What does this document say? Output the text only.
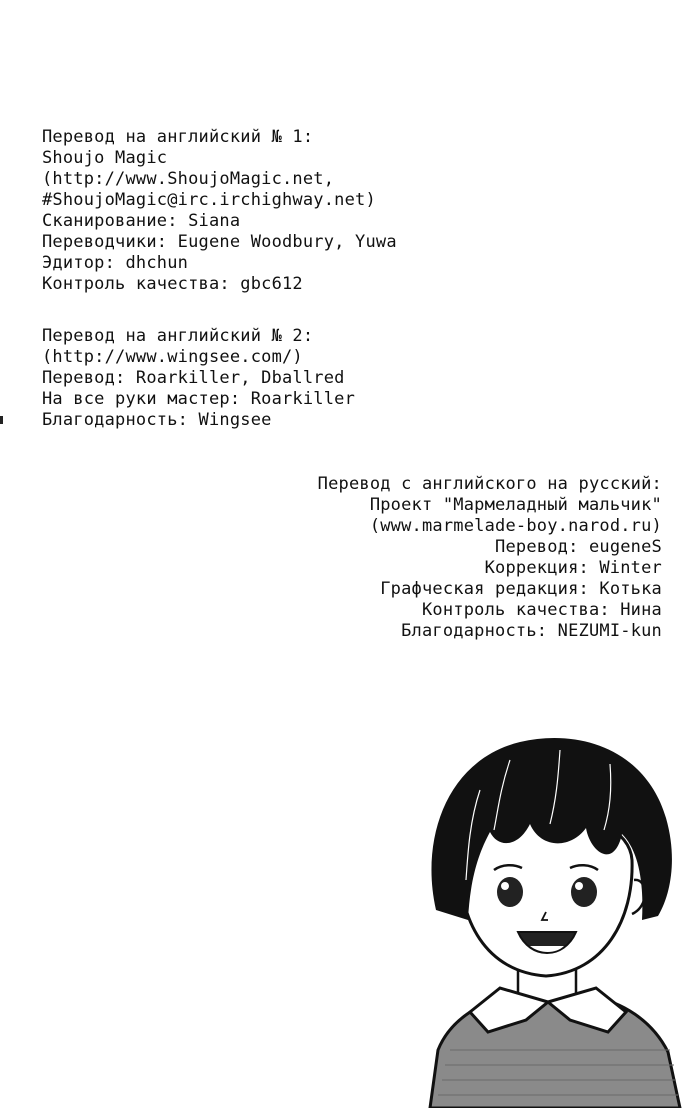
Перевод на английский № 1:
Shoujo Magic
(http://www.ShoujoMagic.net,
#ShoujoMagic@irc.irchighway.net)
Сканирование: Siana
Переводчики: Eugene Woodbury, Yuwa
Эдитор: dhchun
Контроль качества: gbc612
Перевод на английский № 2:
(http://www.wingsee.com/)
Перевод: Roarkiller, Dballred
На все руки мастер: Roarkiller
Благодарность: Wingsee
Перевод с английского на русский:
Проект "Мармеладный мальчик"
(www.marmelade-boy.narod.ru)
Перевод: eugeneS
Коррекция: Winter
Графческая редакция: Котька
Контроль качества: Нина
Благодарность: NEZUMI-kun
